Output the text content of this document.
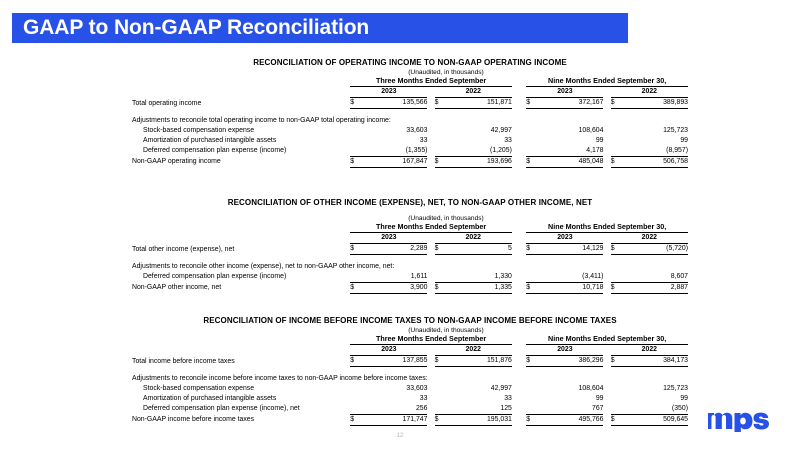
GAAP to Non-GAAP Reconciliation
RECONCILIATION OF OPERATING INCOME TO NON-GAAP OPERATING INCOME
(Unaudited, in thousands)
	Three Months Ended September						Nine Months Ended September 30,				
	2023			2022			2023			2022	
Total operating income	$	135,566		$	151,871		$	372,167		$	389,893

Adjustments to reconcile total operating income to non-GAAP total operating income:											
Stock-based compensation expense		33,603			42,997			108,604			125,723
Amortization of purchased intangible assets		33			33			99			99
Deferred compensation plan expense (income)		(1,355)			(1,205)			4,178			(8,957)
Non-GAAP operating income	$	167,847		$	193,696		$	485,048		$	506,758
RECONCILIATION OF OTHER INCOME (EXPENSE), NET, TO NON-GAAP OTHER INCOME, NET
(Unaudited, in thousands)
	Three Months Ended September						Nine Months Ended September 30,				
	2023			2022			2023			2022	
Total other income (expense), net	$	2,289		$	5		$	14,129		$	(5,720)

Adjustments to reconcile other income (expense), net to non-GAAP other income, net:											
Deferred compensation plan expense (income)		1,611			1,330			(3,411)			8,607
Non-GAAP other income, net	$	3,900		$	1,335		$	10,718		$	2,887
RECONCILIATION OF INCOME BEFORE INCOME TAXES TO NON-GAAP INCOME BEFORE INCOME TAXES
(Unaudited, in thousands)
	Three Months Ended September						Nine Months Ended September 30,				
	2023			2022			2023			2022	
Total income before income taxes	$	137,855		$	151,876		$	386,296		$	384,173

Adjustments to reconcile income before income taxes to non-GAAP income before income taxes:											
Stock-based compensation expense		33,603			42,997			108,604			125,723
Amortization of purchased intangible assets		33			33			99			99
Deferred compensation plan expense (income), net		256			125			767			(350)
Non-GAAP income before income taxes	$	171,747		$	195,031		$	495,766		$	509,645
12
